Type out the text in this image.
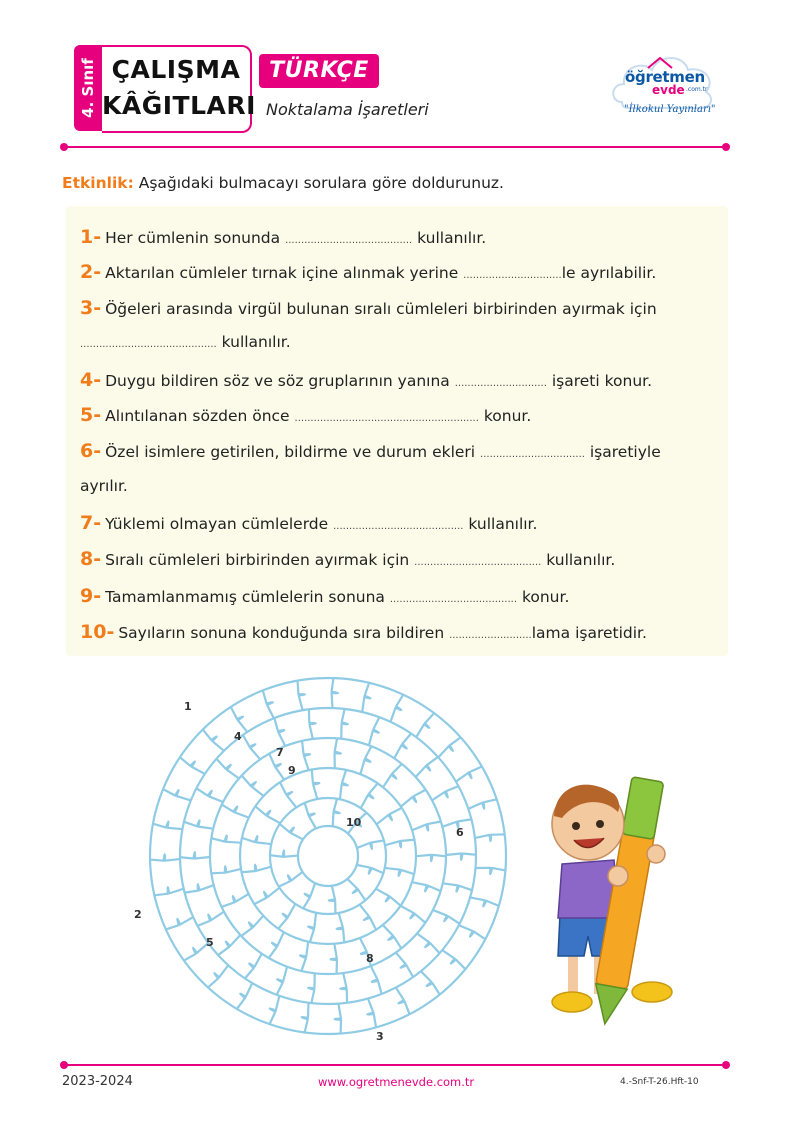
4. Sınıf ÇALIŞMA
KÂĞITLARI
TÜRKÇE
Noktalama İşaretleri
öğretmen
evde .com.tr
"İlkokul Yayınları"
Etkinlik: Aşağıdaki bulmacayı sorulara göre doldurunuz.
1- Her cümlenin sonunda ........................................ kullanılır.
2- Aktarılan cümleler tırnak içine alınmak yerine ...............................le ayrılabilir.
3- Öğeleri arasında virgül bulunan sıralı cümleleri birbirinden ayırmak için
........................................... kullanılır.
4- Duygu bildiren söz ve söz gruplarının yanına ............................. işareti konur.
5- Alıntılanan sözden önce .......................................................... konur.
6- Özel isimlere getirilen, bildirme ve durum ekleri ................................. işaretiyle
ayrılır.
7- Yüklemi olmayan cümlelerde ......................................... kullanılır.
8- Sıralı cümleleri birbirinden ayırmak için ........................................ kullanılır.
9- Tamamlanmamış cümlelerin sonuna ........................................ konur.
10- Sayıların sonuna konduğunda sıra bildiren ..........................lama işaretidir.
1
4
7
9
10
6
2
5
8
3
2023-2024	www.ogretmenevde.com.tr	4.-Snf-T-26.Hft-10
